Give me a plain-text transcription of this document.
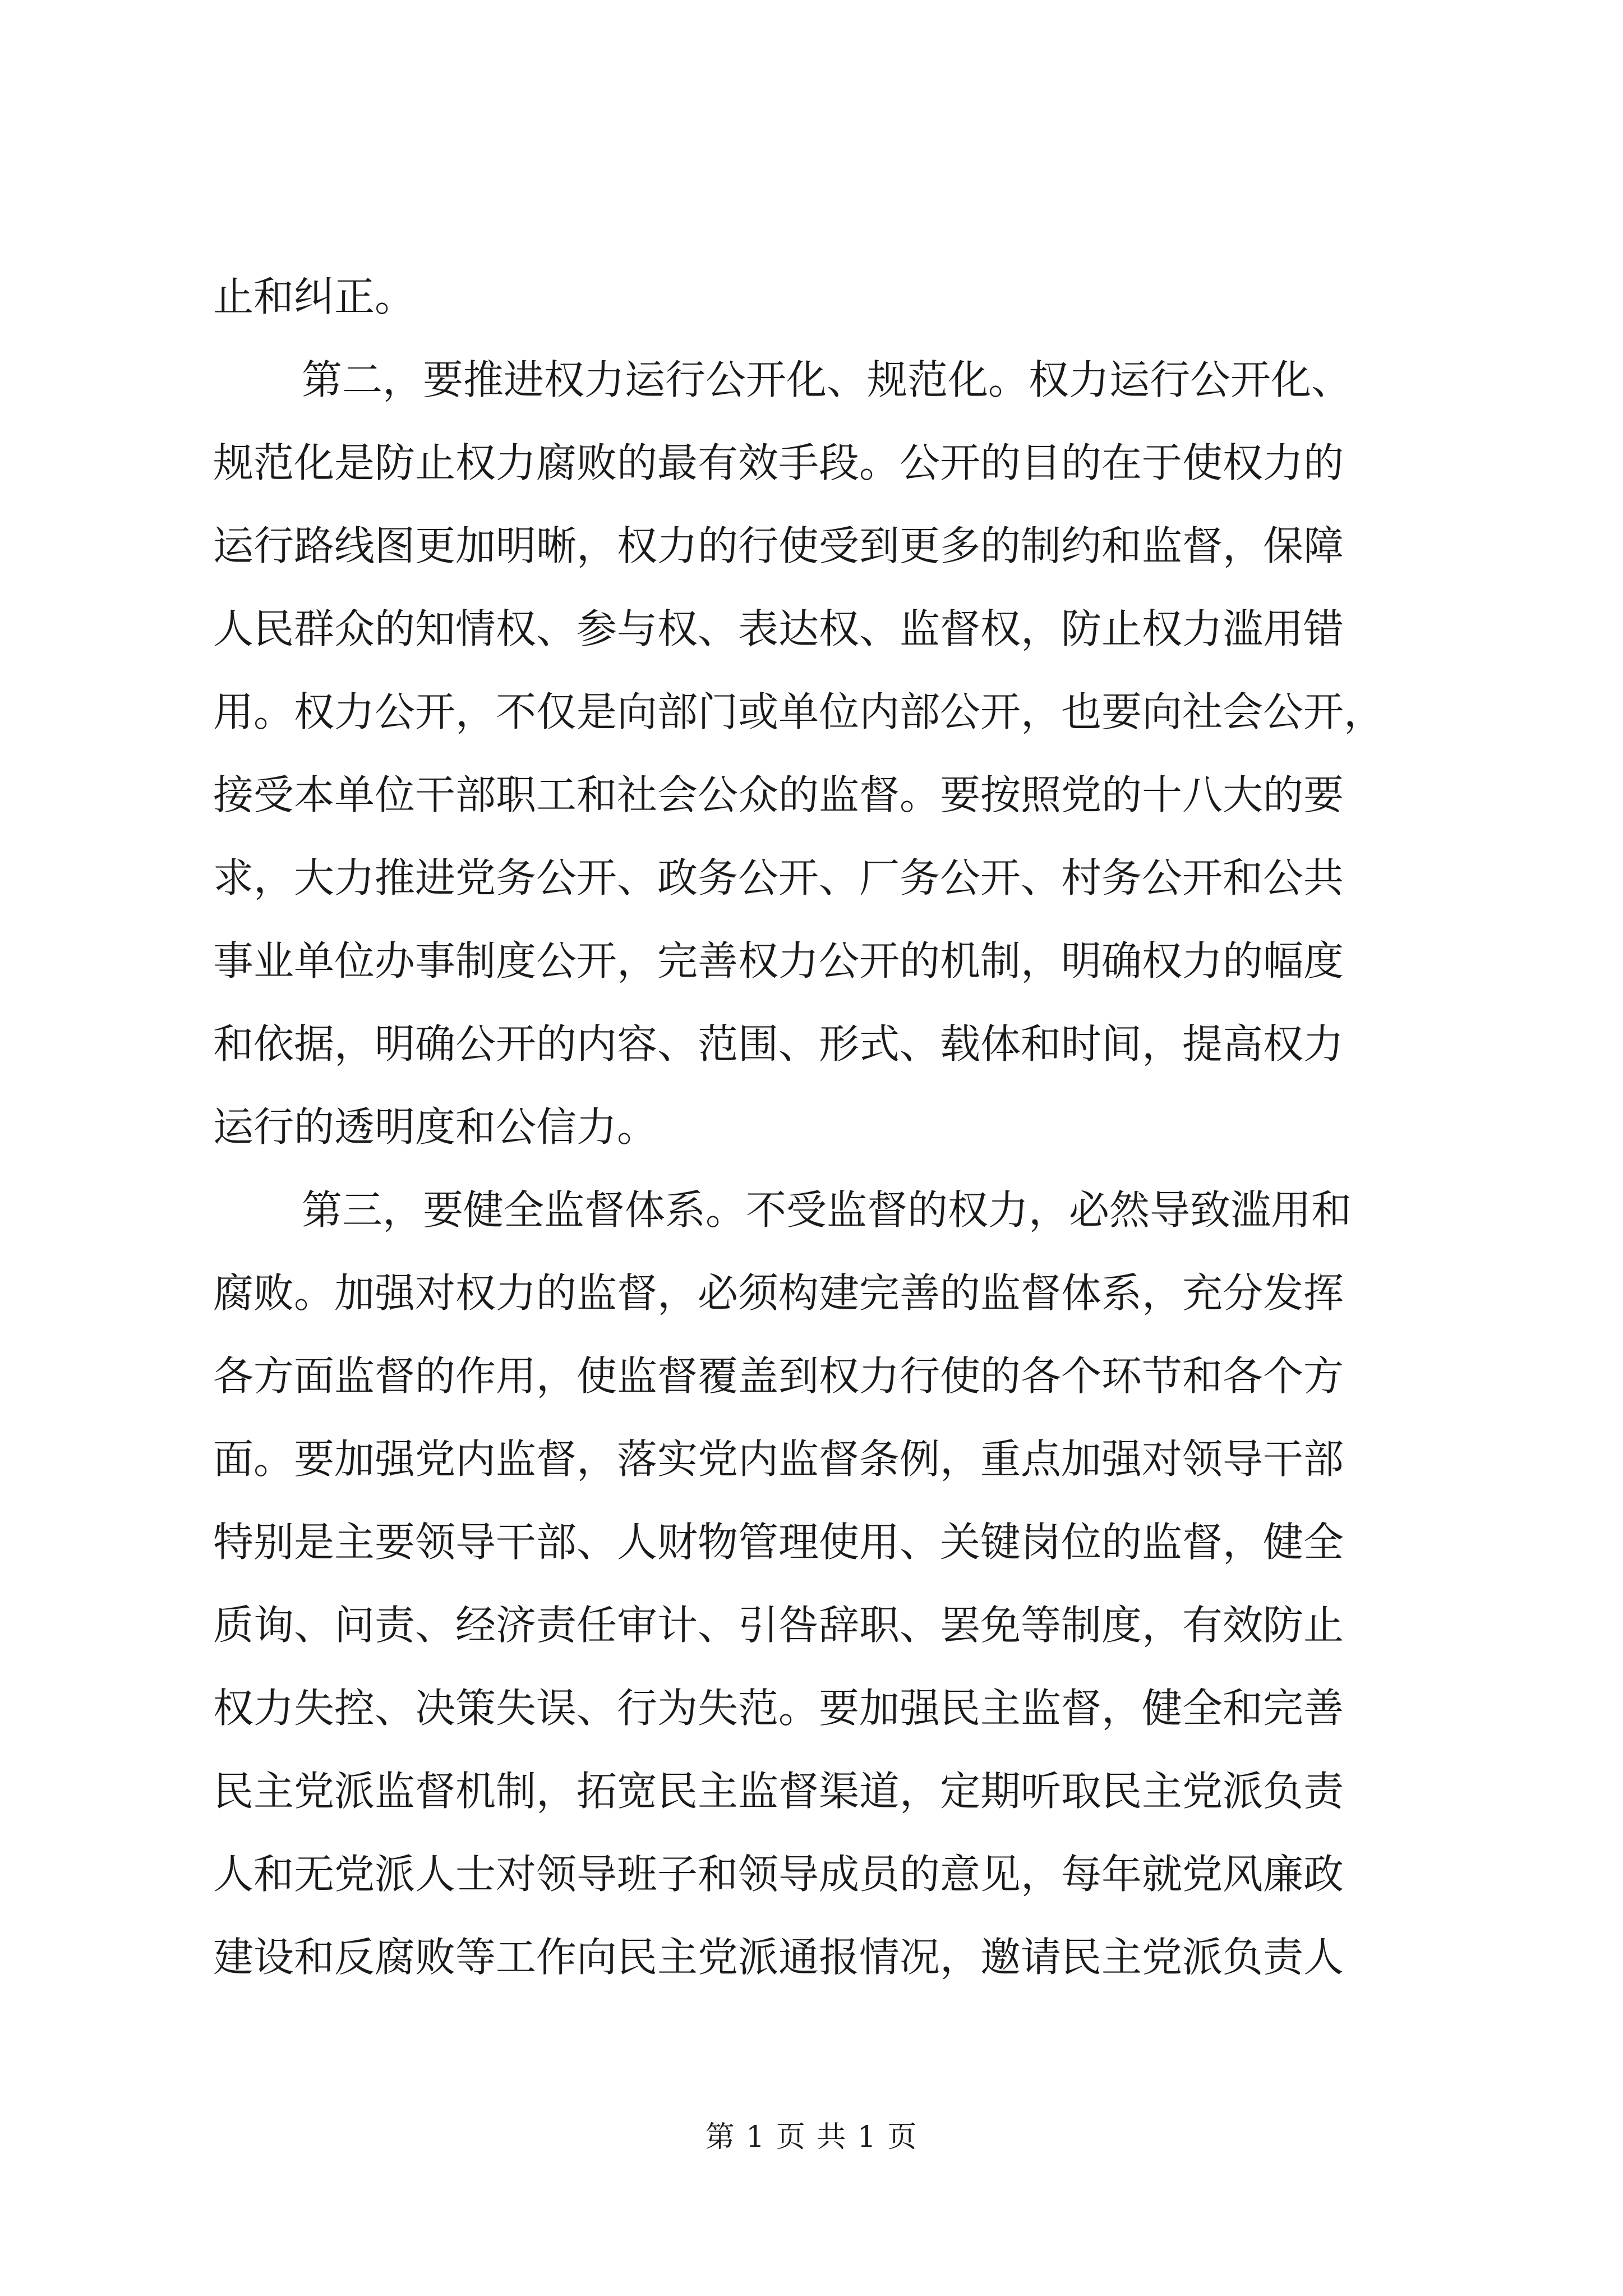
止和纠正。
第二，要推进权力运行公开化、规范化。权力运行公开化、
规范化是防止权力腐败的最有效手段。公开的目的在于使权力的
运行路线图更加明晰，权力的行使受到更多的制约和监督，保障
人民群众的知情权、参与权、表达权、监督权，防止权力滥用错
用。权力公开，不仅是向部门或单位内部公开，也要向社会公开，
接受本单位干部职工和社会公众的监督。要按照党的十八大的要
求，大力推进党务公开、政务公开、厂务公开、村务公开和公共
事业单位办事制度公开，完善权力公开的机制，明确权力的幅度
和依据，明确公开的内容、范围、形式、载体和时间，提高权力
运行的透明度和公信力。
第三，要健全监督体系。不受监督的权力，必然导致滥用和
腐败。加强对权力的监督，必须构建完善的监督体系，充分发挥
各方面监督的作用，使监督覆盖到权力行使的各个环节和各个方
面。要加强党内监督，落实党内监督条例，重点加强对领导干部
特别是主要领导干部、人财物管理使用、关键岗位的监督，健全
质询、问责、经济责任审计、引咎辞职、罢免等制度，有效防止
权力失控、决策失误、行为失范。要加强民主监督，健全和完善
民主党派监督机制，拓宽民主监督渠道，定期听取民主党派负责
人和无党派人士对领导班子和领导成员的意见，每年就党风廉政
建设和反腐败等工作向民主党派通报情况，邀请民主党派负责人
第 1 页 共 1 页
